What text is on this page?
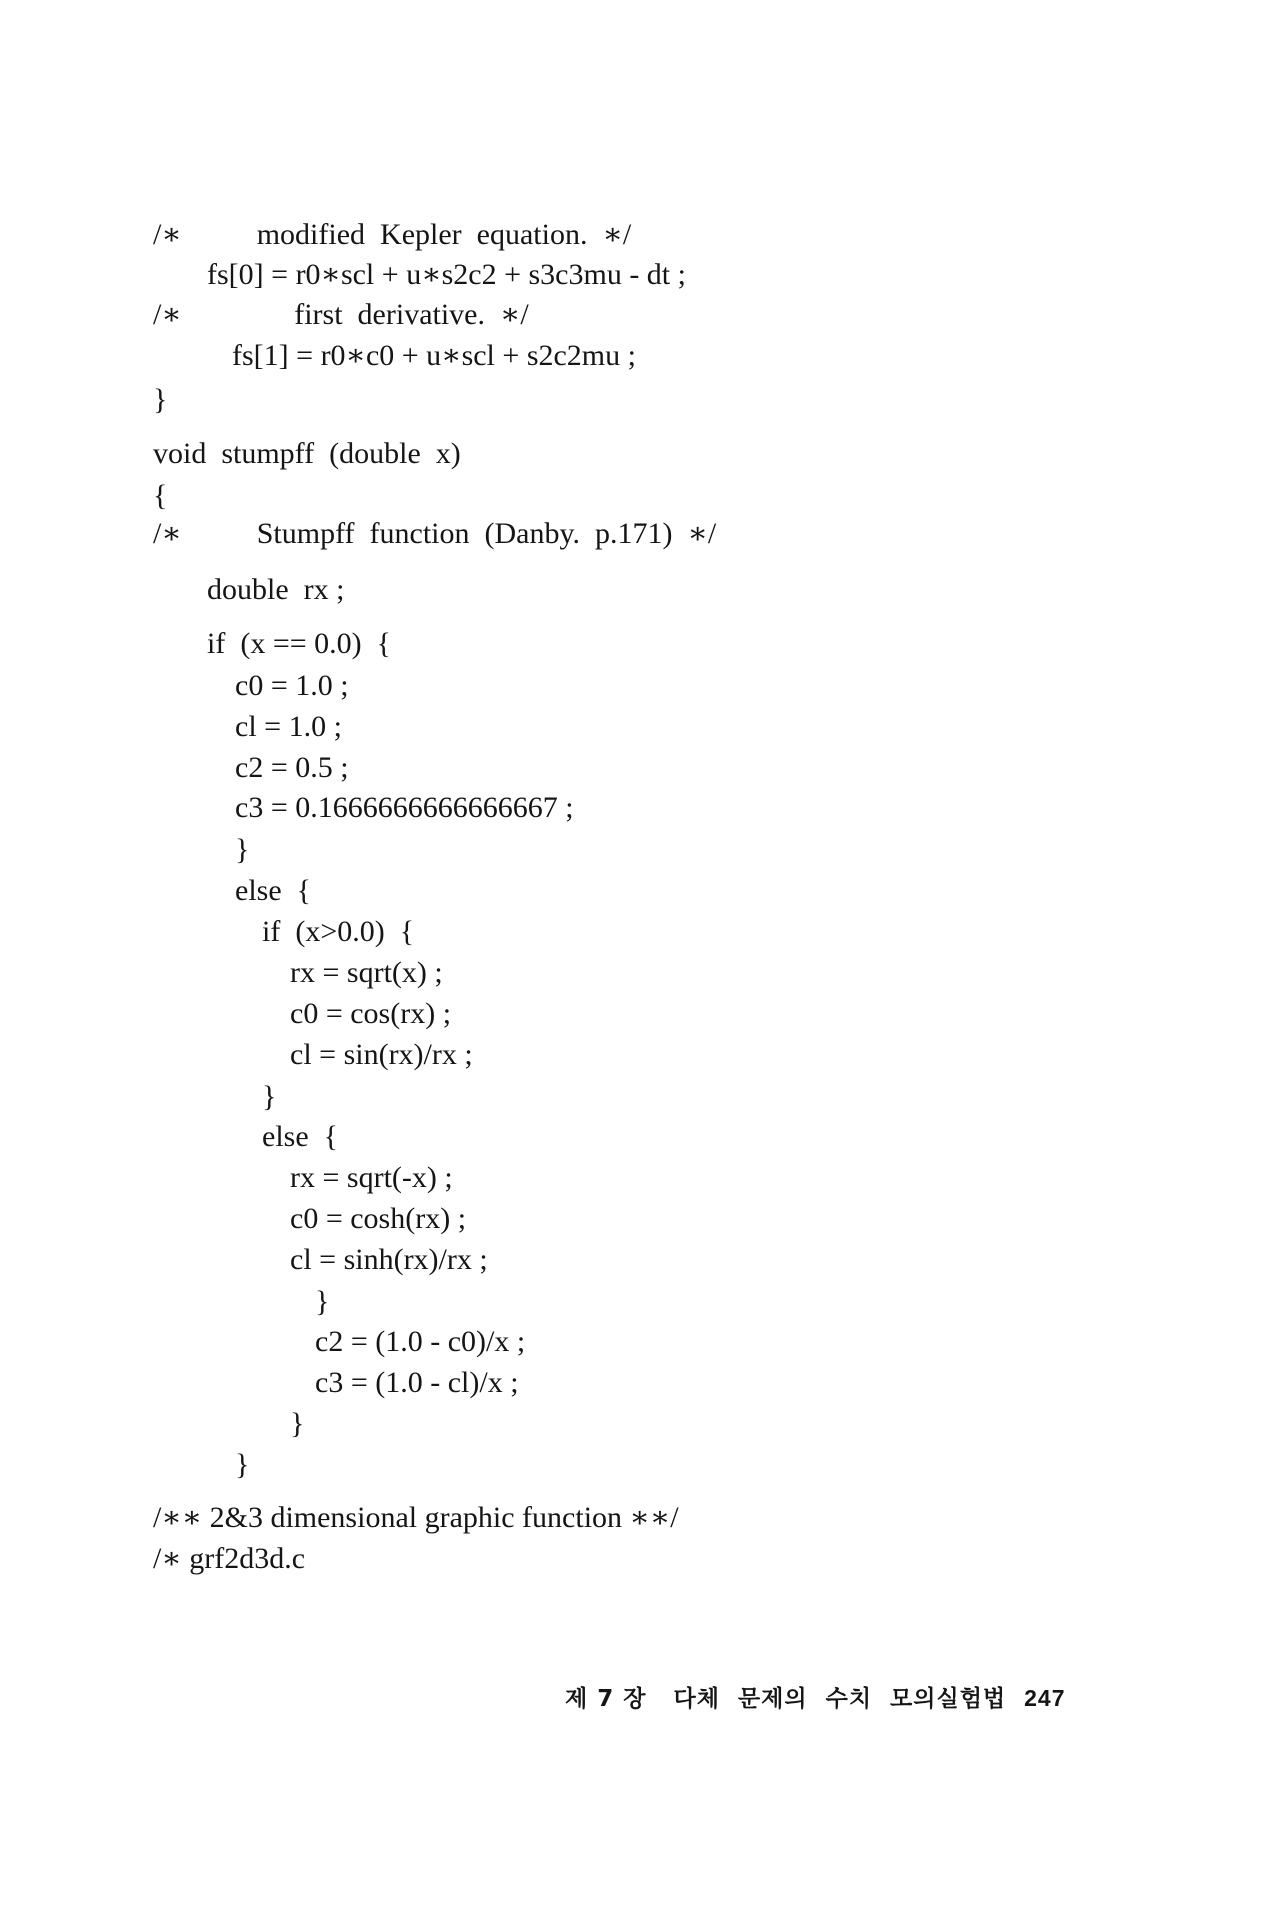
/∗          modified  Kepler  equation.  ∗/
fs[0] = r0∗scl + u∗s2c2 + s3c3mu - dt ;
/∗               first  derivative.  ∗/
fs[1] = r0∗c0 + u∗scl + s2c2mu ;
}
void  stumpff  (double  x)
{
/∗          Stumpff  function  (Danby.  p.171)  ∗/
double  rx ;
if  (x == 0.0)  {
c0 = 1.0 ;
cl = 1.0 ;
c2 = 0.5 ;
c3 = 0.1666666666666667 ;
}
else  {
if  (x>0.0)  {
rx = sqrt(x) ;
c0 = cos(rx) ;
cl = sin(rx)/rx ;
}
else  {
rx = sqrt(-x) ;
c0 = cosh(rx) ;
cl = sinh(rx)/rx ;
}
c2 = (1.0 - c0)/x ;
c3 = (1.0 - cl)/x ;
}
}
/∗∗ 2&3 dimensional graphic function ∗∗/
/∗ grf2d3d.c
제 7 장   다체  문제의  수치  모의실험법 247
